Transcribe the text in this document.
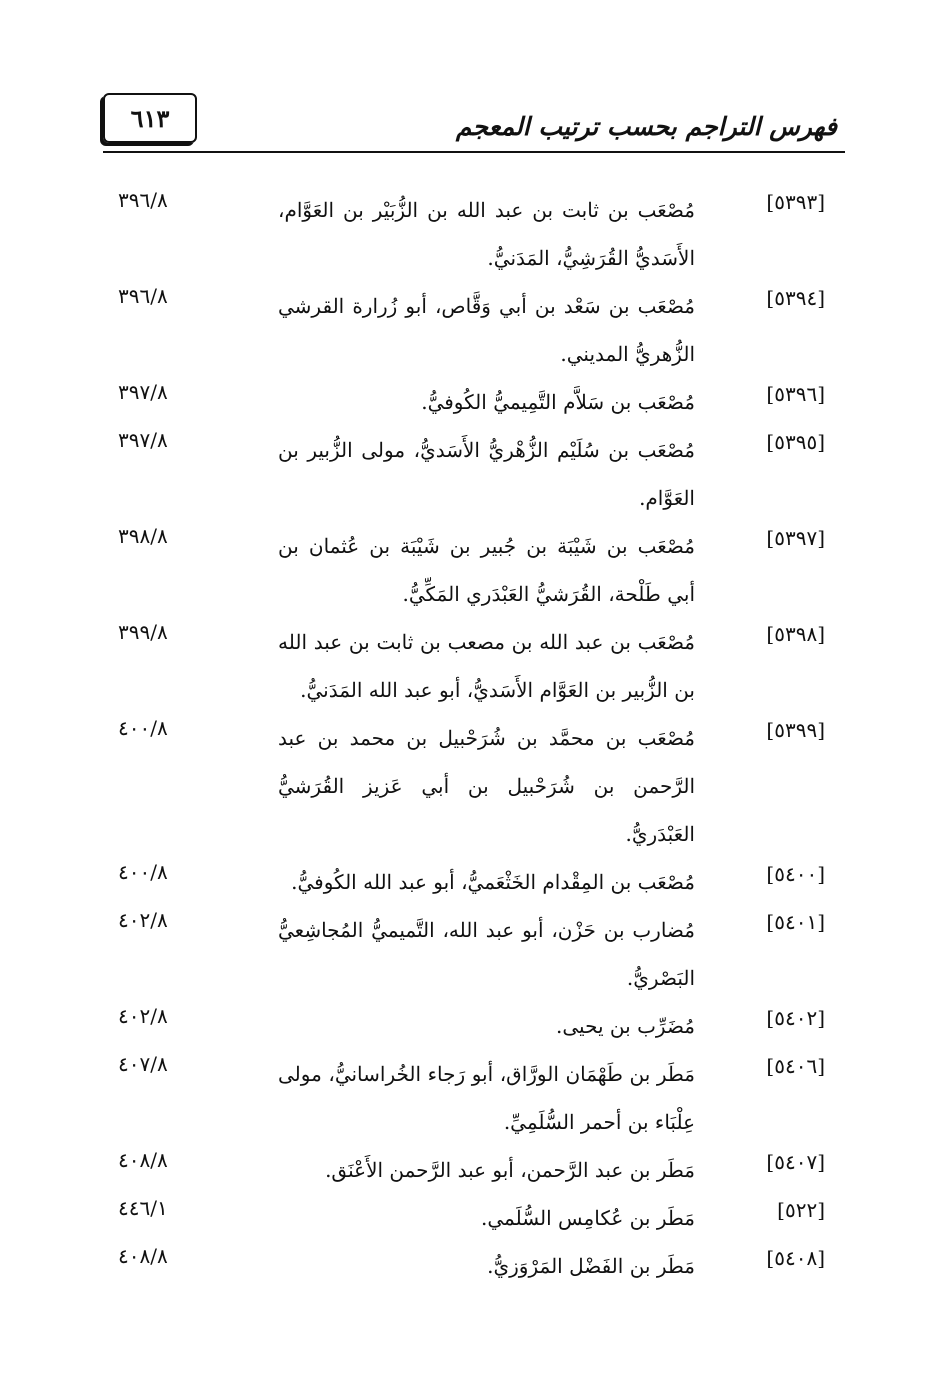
٦١٣	فهرس التراجم بحسب ترتيب المعجم
[٥٣٩٣]
مُصْعَب بن ثابت بن عبد الله بن الزُّبَيْر بن العَوَّام، الأَسَديُّ القُرَشِيُّ، المَدَنيُّ.
٣٩٦/٨
[٥٣٩٤]
مُصْعَب بن سَعْد بن أبي وَقَّاص، أبو زُرارة القرشي الزُّهريُّ المديني.
٣٩٦/٨
[٥٣٩٦]
مُصْعَب بن سَلاَّم التَّمِيميُّ الكُوفيُّ.
٣٩٧/٨
[٥٣٩٥]
مُصْعَب بن سُلَيْم الزُّهْريُّ الأَسَديُّ، مولى الزُّبير بن العَوَّام.
٣٩٧/٨
[٥٣٩٧]
مُصْعَب بن شَيْبَة بن جُبير بن شَيْبَة بن عُثمان بن أبي طَلْحة، القُرَشيُّ العَبْدَري المَكِّيُّ.
٣٩٨/٨
[٥٣٩٨]
مُصْعَب بن عبد الله بن مصعب بن ثابت بن عبد الله بن الزُّبير بن العَوَّام الأَسَديُّ، أبو عبد الله المَدَنيُّ.
٣٩٩/٨
[٥٣٩٩]
مُصْعَب بن محمَّد بن شُرَحْبيل بن محمد بن عبد الرَّحمن بن شُرَحْبيل بن أبي عَزيز القُرَشيُّ العَبْدَريُّ.
٤٠٠/٨
[٥٤٠٠]
مُصْعَب بن المِقْدام الخَثْعَميُّ، أبو عبد الله الكُوفيُّ.
٤٠٠/٨
[٥٤٠١]
مُضارب بن حَزْن، أبو عبد الله، التَّميميُّ المُجاشِعيُّ البَصْريُّ.
٤٠٢/٨
[٥٤٠٢]
مُضَرِّب بن يحيى.
٤٠٢/٨
[٥٤٠٦]
مَطَر بن طَهْمَان الورَّاق، أبو رَجاء الخُراسانيُّ، مولى عِلْبَاء بن أحمر السُّلَمِيِّ.
٤٠٧/٨
[٥٤٠٧]
مَطَر بن عبد الرَّحمن، أبو عبد الرَّحمن الأَعْنَق.
٤٠٨/٨
[٥٢٢]
مَطَر بن عُكامِس السُّلَمي.
٤٤٦/١
[٥٤٠٨]
مَطَر بن الفَضْل المَرْوَزيُّ.
٤٠٨/٨
